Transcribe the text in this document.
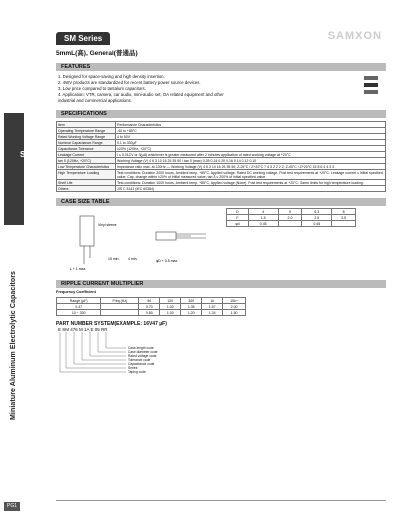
SM
Miniature Aluminum Electrolytic Capacitors
PG1
SM Series	SAMXON
5mmL(高), General(普通品)
FEATURES
1. Designed for space-saving and high density insertion.
2. 4WV products are standardized for recent battery power source devices.
3. Low price compared to tantalum capacitors.
4. Application: VTR, camera, car audio, mini-audio set, OA related equipment and other
industrial and commercial applications.
SPECIFICATIONS
Item	Performance Characteristics
Operating Temperature Range	-40 to +85°C
Rated Working Voltage Range	4 to 50V
Nominal Capacitance Range	0.1 to 330µF
Capacitance Tolerance	±20% (120Hz, +20°C)
Leakage Current	I ≤ 0.01CV or 3(µA) whichever is greater measured after 2 minutes application of rated working voltage at +20°C
tan δ (120Hz, +20°C)	Working Voltage (V) 4 6.3 10 16 25 35 50 / tan δ (max) 0.35 0.24 0.20 0.16 0.14 0.12 0.10
Low Temperature Characteristics	Impedance ratio max. at 120Hz — Working Voltage (V) 4 6.3 10 16 25 35 50; Z-25°C / Z+20°C 7 4 3 2 2 2 2; Z-40°C / Z+20°C 15 8 6 4 4 3 3
High Temperature Loading	Test conditions: Duration 2000 hours, Ambient temp. +85°C, Applied voltage: Rated DC working voltage. Post test requirements at +20°C: Leakage current ≤ initial specified value; Cap. change within ±20% of initial measured value; tan δ ≤ 200% of initial specified value
Shelf Life	Test conditions: Duration 1000 hours, Ambient temp. +85°C, Applied voltage (None). Post test requirements at +20°C: Same limits for high temperature loading.
Others	JIS C 5141 (IEC 60384)
CASE SIZE TABLE
Vinyl sleeve
L + 1 max.
15 min. 4 min.	φD + 0.5 max.
D	4	5	6.3	8
F	1.5	2.0	2.5	3.5
φd	0.45		0.45	
RIPPLE CURRENT MULTIPLIER
Frequency Coefficient
Range (µF)	Freq (Hz)	50	120	300	1k	10k~
0.47		0.70	1.00	1.35	1.57	2.00
10 ~ 330		0.80	1.00	1.20	1.34	1.50
PART NUMBER SYSTEM(EXAMPLE: 16V47 µF)
E SM 476 M 1A E 05 RR
Case length code
Case diameter code
Rated voltage code
Tolerance code
Capacitance code
Series
Taping code
